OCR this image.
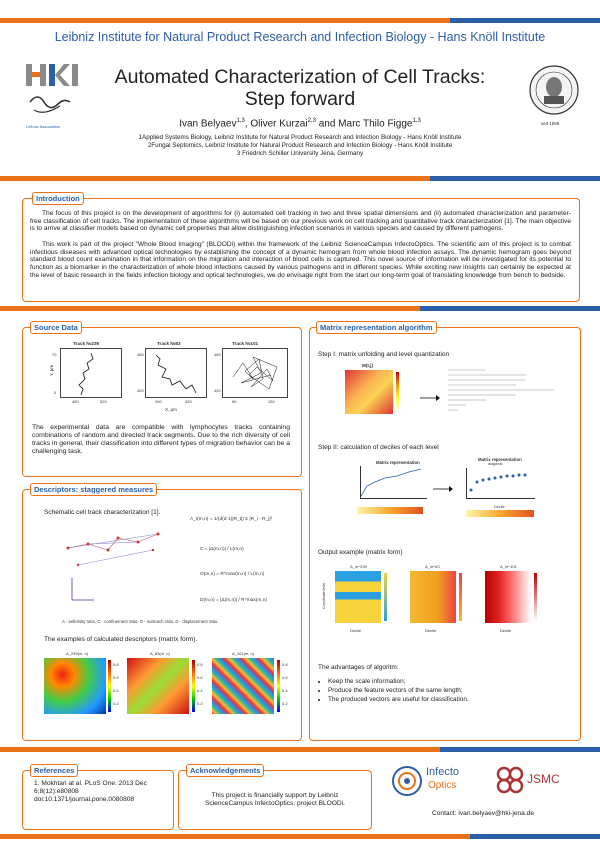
Leibniz Institute for Natural Product Research and Infection Biology - Hans Knöll Institute
Leibniz Association
Automated Characterization of Cell Tracks:
Step forward
Ivan Belyaev$^{1,3}$, Oliver Kurzai$^{2,3}$ and Marc Thilo Figge$^{1,3}$
1Applied Systems Biology, Leibniz Institute for Natural Product Research and Infection Biology - Hans Knöll Institute
2Fungal Septomics, Leibniz Institute for Natural Product Research and Infection Biology - Hans Knöll Institute
3 Friedrich Schiller University Jena, Germany
seit 1558
Introduction
The focus of this project is on the development of algorithms for (i) automated cell tracking in two and three spatial dimensions and (ii) automated characterization and parameter-free classification of cell tracks. The implementation of these algorithms will be based on our previous work on cell tracking and quantitative track characterization [1]. The main objective is to arrive at classifier models based on dynamic cell properties that allow distinguishing infection scenarios in various species and caused by different pathogens.
This work is part of the project "Whole Blood Imaging" (BLOODi) within the framework of the Leibniz ScienceCampus InfectoOptics. The scientific aim of this project is to combat infectious diseases with advanced optical technologies by establishing the concept of a dynamic hemogram from whole blood infection assays. The dynamic hemogram goes beyond standard blood count examination in that information on the migration and interaction of blood cells is captured. This novel source of information will be investigated for its potential to function as a biomarker in the characterization of whole blood infections caused by various pathogens and in different species. While exciting new insights can certainly be expected at the level of basic research in the fields infection biology and optical technologies, we do envisage right from the start our long-term goal of translating knowledge from bench to bedside.
Source Data
Track №239	Track №83	Track №101
Y, μm
X, μm
70
0
480	520
480
420
260	320
480
420
60	150
The experimental data are compatible with lymphocytes tracks containing combinations of random and directed track segments. Due to the rich diversity of cell tracks in general, their classification into different types of migration behavior can be a challenging task.
Descriptors: staggered measures
Schematic cell track characterization [1].
A_t(m,n) = 1/(d(d-1)|R_t|) Σ |R_i - R_j|²
C = |Δ(m,n)| / L(m,n)
O(m,n) = R^max(m,n) / L(m,n)
D(m,n) = |Δ(m,n)| / R^max(m,n)
A - asferisity ratio, C - confinement ratio, O - outreach ratio, D - displacement ratio.
The examples of calculated descriptors (matrix form).
A_239(m, n)	A_83(m, n)	A_101(m, n)
0.8
0.6
0.4
0.2
0.8
0.6
0.4
0.2
0.8
0.6
0.4
0.2
Matrix representation algorithm
Step I: matrix unfolding and level quantization
M(t,j)
Step II: calculation of deciles of each level
Matrix representation
Matrix representation
diagonal
Decile
Output example (matrix form)
A_m^239	A_m^83	A_m^101
Decile	Decile	Decile
Coordinate level
The advantages of algoritm:
• Keep the scale information;
• Produce the feature vectors of the same length;
• The produced vectors are useful for classification.
References
1. Mokhtari at al. PLoS One. 2013 Dec 6;8(12):e80808 doi:10.1371/journal.pone.0080808
Acknowledgements
This project is financially support by Leibniz ScienceCampus InfectoOptics, project BLOODi.
Infecto
Optics	JSMC
Contact: ivan.belyaev@hki-jena.de
